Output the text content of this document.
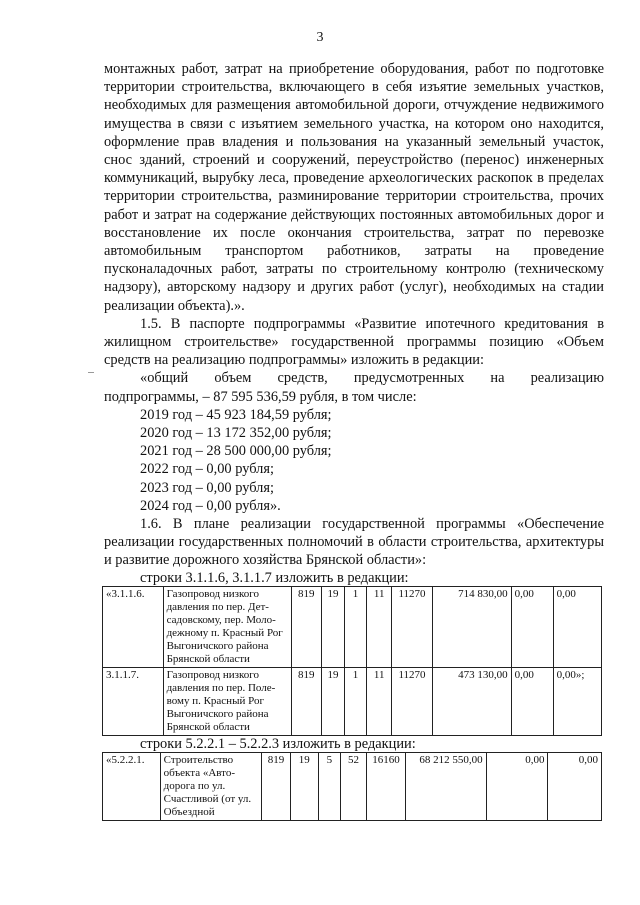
3

монтажных работ, затрат на приобретение оборудования, работ по подготовке территории строительства, включающего в себя изъятие земельных участков, необходимых для размещения автомобильной дороги, отчуждение недвижимого имущества в связи с изъятием земельного участка, на котором оно находится, оформление прав владения и пользования на указанный земельный участок, снос зданий, строений и сооружений, переустройство (перенос) инженерных коммуникаций, вырубку леса, проведение археологических раскопок в пределах территории строительства, разминирование территории строительства, прочих работ и затрат на содержание действующих постоянных автомобильных дорог и восстановление их после окончания строительства, затрат по перевозке автомобильным транспортом работников, затраты на проведение пусконаладочных работ, затраты по строительному контролю (техническому надзору), авторскому надзору и других работ (услуг), необходимых на стадии реализации объекта).».

1.5. В паспорте подпрограммы «Развитие ипотечного кредитования в жилищном строительстве» государственной программы позицию «Объем средств на реализацию подпрограммы» изложить в редакции:

«общий объем средств, предусмотренных на реализацию

подпрограммы, – 87 595 536,59 рубля, в том числе:

2019 год – 45 923 184,59 рубля;

2020 год – 13 172 352,00 рубля;

2021 год – 28 500 000,00 рубля;

2022 год – 0,00 рубля;

2023 год – 0,00 рубля;

2024 год – 0,00 рубля».

1.6. В плане реализации государственной программы «Обеспечение реализации государственных полномочий в области строительства, архитектуры и развитие дорожного хозяйства Брянской области»:

строки 3.1.1.6, 3.1.1.7 изложить в редакции:

«3.1.1.6.	Газопровод низкого давления по пер. Дет-садовскому, пер. Моло-дежному п. Красный Рог Выгоничского района Брянской области	819	19	1	11	11270	714 830,00	0,00	0,00
3.1.1.7.	Газопровод низкого давления по пер. Поле-вому п. Красный Рог Выгоничского района Брянской области	819	19	1	11	11270	473 130,00	0,00	0,00»;

строки 5.2.2.1 – 5.2.2.3 изложить в редакции:

«5.2.2.1.	Строительство объекта «Авто-дорога по ул. Счастливой (от ул. Объездной	819	19	5	52	16160	68 212 550,00	0,00	0,00
